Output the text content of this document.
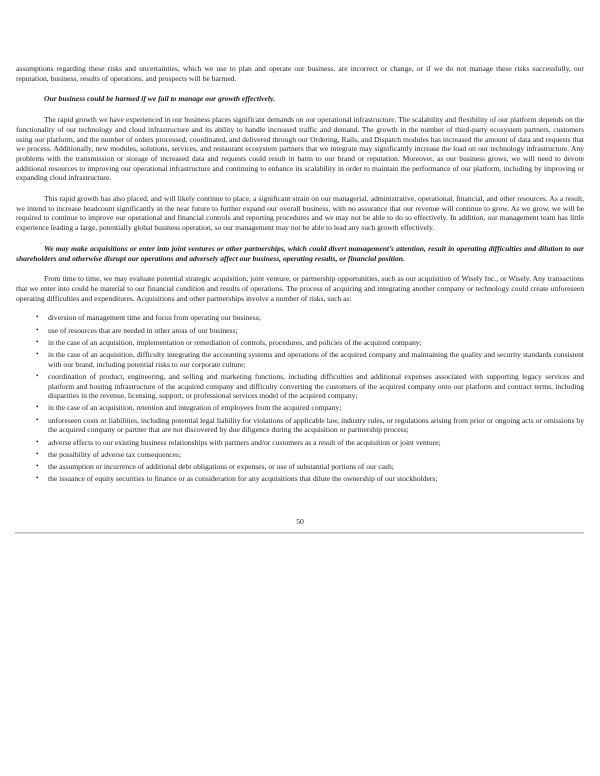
assumptions regarding these risks and uncertainties, which we use to plan and operate our business, are incorrect or change, or if we do not manage these risks successfully, our reputation, business, results of operations, and prospects will be harmed.

Our business could be harmed if we fail to manage our growth effectively.

The rapid growth we have experienced in our business places significant demands on our operational infrastructure. The scalability and flexibility of our platform depends on the functionality of our technology and cloud infrastructure and its ability to handle increased traffic and demand. The growth in the number of third-party ecosystem partners, customers using our platform, and the number of orders processed, coordinated, and delivered through our Ordering, Rails, and Dispatch modules has increased the amount of data and requests that we process. Additionally, new modules, solutions, services, and restaurant ecosystem partners that we integrate may significantly increase the load on our technology infrastructure. Any problems with the transmission or storage of increased data and requests could result in harm to our brand or reputation. Moreover, as our business grows, we will need to devote additional resources to improving our operational infrastructure and continuing to enhance its scalability in order to maintain the performance of our platform, including by improving or expanding cloud infrastructure.

This rapid growth has also placed, and will likely continue to place, a significant strain on our managerial, administrative, operational, financial, and other resources. As a result, we intend to increase headcount significantly in the near future to further expand our overall business, with no assurance that our revenue will continue to grow. As we grow, we will be required to continue to improve our operational and financial controls and reporting procedures and we may not be able to do so effectively. In addition, our management team has little experience leading a large, potentially global business operation, so our management may not be able to lead any such growth effectively.

We may make acquisitions or enter into joint ventures or other partnerships, which could divert management’s attention, result in operating difficulties and dilution to our shareholders and otherwise disrupt our operations and adversely affect our business, operating results, or financial position.

From time to time, we may evaluate potential strategic acquisition, joint venture, or partnership opportunities, such as our acquisition of Wisely Inc., or Wisely. Any transactions that we enter into could be material to our financial condition and results of operations. The process of acquiring and integrating another company or technology could create unforeseen operating difficulties and expenditures. Acquisitions and other partnerships involve a number of risks, such as:

• diversion of management time and focus from operating our business;
• use of resources that are needed in other areas of our business;
• in the case of an acquisition, implementation or remediation of controls, procedures, and policies of the acquired company;
• in the case of an acquisition, difficulty integrating the accounting systems and operations of the acquired company and maintaining the quality and security standards consistent with our brand, including potential risks to our corporate culture;
• coordination of product, engineering, and selling and marketing functions, including difficulties and additional expenses associated with supporting legacy services and platform and hosting infrastructure of the acquired company and difficulty converting the customers of the acquired company onto our platform and contract terms, including disparities in the revenue, licensing, support, or professional services model of the acquired company;
• in the case of an acquisition, retention and integration of employees from the acquired company;
• unforeseen costs or liabilities, including potential legal liability for violations of applicable law, industry rules, or regulations arising from prior or ongoing acts or omissions by the acquired company or partner that are not discovered by due diligence during the acquisition or partnership process;
• adverse effects to our existing business relationships with partners and/or customers as a result of the acquisition or joint venture;
• the possibility of adverse tax consequences;
• the assumption or incurrence of additional debt obligations or expenses, or use of substantial portions of our cash;
• the issuance of equity securities to finance or as consideration for any acquisitions that dilute the ownership of our stockholders;
50
